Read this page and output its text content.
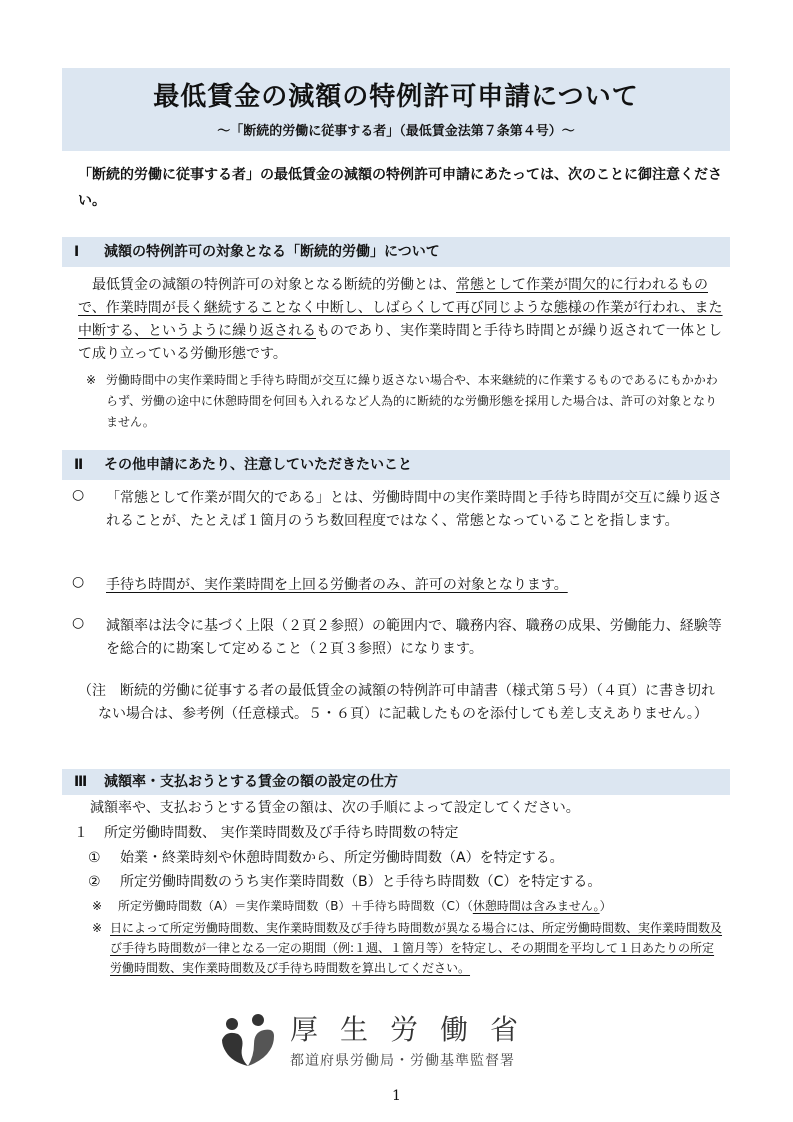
最低賃金の減額の特例許可申請について
～「断続的労働に従事する者」（最低賃金法第７条第４号）～
「断続的労働に従事する者」の最低賃金の減額の特例許可申請にあたっては、次のことに御注意ください。
Ⅰ 減額の特例許可の対象となる「断続的労働」について
最低賃金の減額の特例許可の対象となる断続的労働とは、常態として作業が間欠的に行われるもので、作業時間が長く継続することなく中断し、しばらくして再び同じような態様の作業が行われ、また中断する、というように繰り返されるものであり、実作業時間と手待ち時間とが繰り返されて一体として成り立っている労働形態です。
※ 労働時間中の実作業時間と手待ち時間が交互に繰り返さない場合や、本来継続的に作業するものであるにもかかわらず、労働の途中に休憩時間を何回も入れるなど人為的に断続的な労働形態を採用した場合は、許可の対象となりません。
Ⅱ その他申請にあたり、注意していただきたいこと
○ 「常態として作業が間欠的である」とは、労働時間中の実作業時間と手待ち時間が交互に繰り返されることが、たとえば１箇月のうち数回程度ではなく、常態となっていることを指します。
○ 手待ち時間が、実作業時間を上回る労働者のみ、許可の対象となります。
○ 減額率は法令に基づく上限（２頁２参照）の範囲内で、職務内容、職務の成果、労働能力、経験等を総合的に勘案して定めること（２頁３参照）になります。
（注　断続的労働に従事する者の最低賃金の減額の特例許可申請書（様式第５号）（４頁）に書き切れない場合は、参考例（任意様式。５・６頁）に記載したものを添付しても差し支えありません。）
Ⅲ 減額率・支払おうとする賃金の額の設定の仕方
減額率や、支払おうとする賃金の額は、次の手順によって設定してください。
１ 所定労働時間数、 実作業時間数及び手待ち時間数の特定
① 始業・終業時刻や休憩時間数から、所定労働時間数（A）を特定する。
② 所定労働時間数のうち実作業時間数（B）と手待ち時間数（C）を特定する。
※ 所定労働時間数（A）＝実作業時間数（B）＋手待ち時間数（C）（休憩時間は含みません。）
※ 日によって所定労働時間数、実作業時間数及び手待ち時間数が異なる場合には、所定労働時間数、実作業時間数及び手待ち時間数が一律となる一定の期間（例:１週、１箇月等）を特定し、その期間を平均して１日あたりの所定労働時間数、実作業時間数及び手待ち時間数を算出してください。
厚生労働省
都道府県労働局・労働基準監督署
1
